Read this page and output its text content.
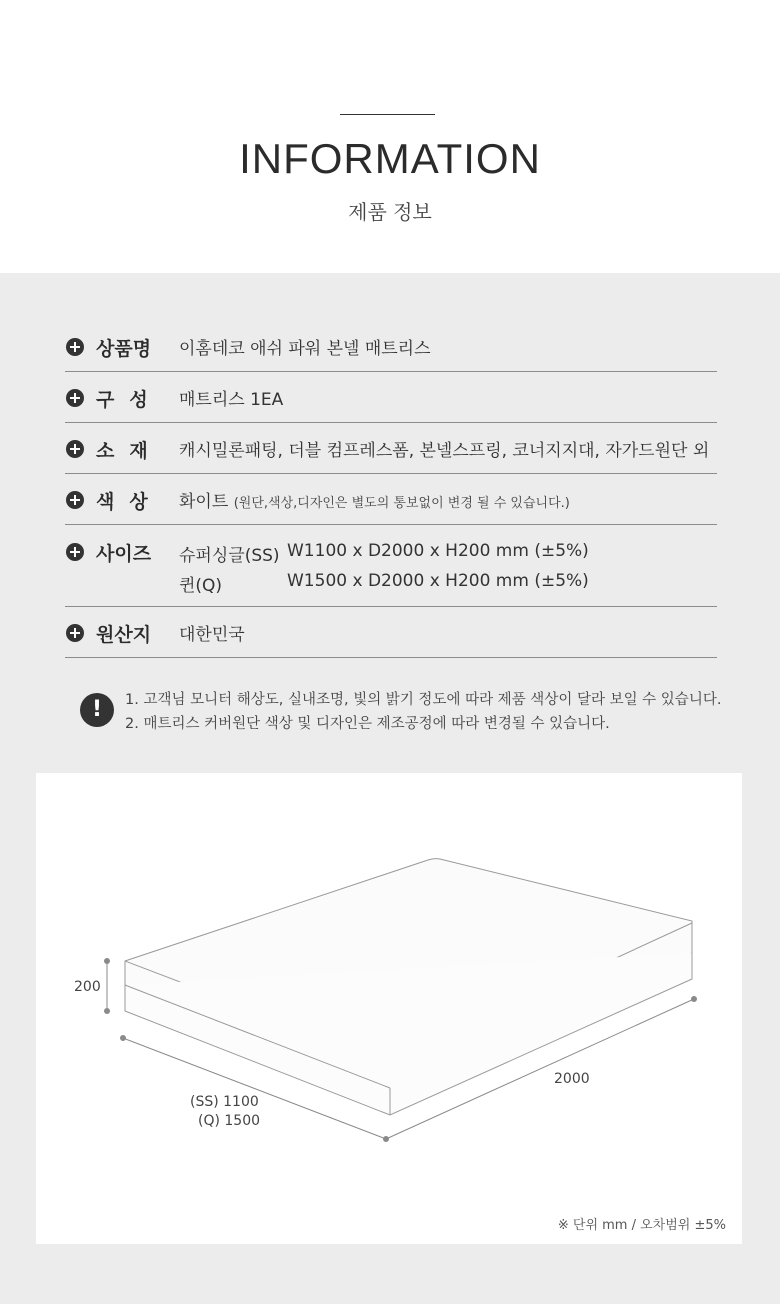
INFORMATION
제품 정보
상품명 이홈데코 애쉬 파워 본넬 매트리스
구성 매트리스 1EA
소재 캐시밀론패팅, 더블 컴프레스폼, 본넬스프링, 코너지지대, 자가드원단 외
색상 화이트 (원단,색상,디자인은 별도의 통보없이 변경 될 수 있습니다.)
사이즈 슈퍼싱글(SS) W1100 x D2000 x H200 mm (±5%)
퀸(Q)	W1500 x D2000 x H200 mm (±5%)
원산지 대한민국
!	1. 고객님 모니터 해상도, 실내조명, 빛의 밝기 정도에 따라 제품 색상이 달라 보일 수 있습니다.
2. 매트리스 커버원단 색상 및 디자인은 제조공정에 따라 변경될 수 있습니다.
200
2000
(SS) 1100
(Q) 1500
※ 단위 mm / 오차범위 ±5%
